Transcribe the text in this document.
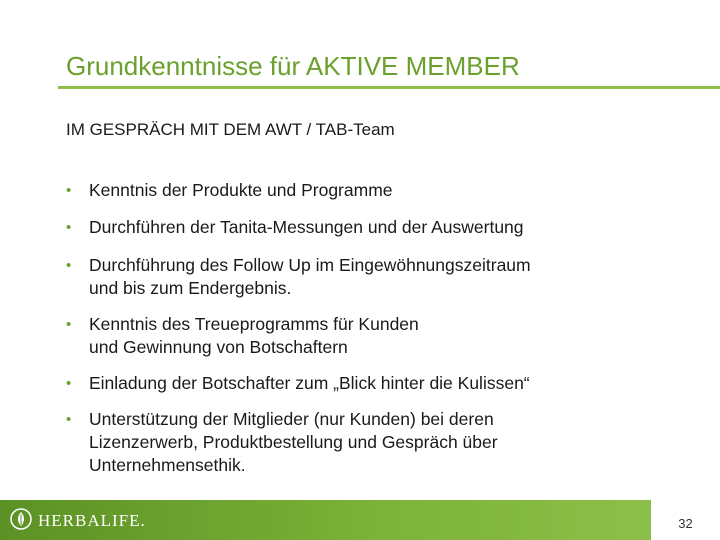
Grundkenntnisse für AKTIVE MEMBER
IM GESPRÄCH MIT DEM AWT / TAB-Team
• Kenntnis der Produkte und Programme
• Durchführen der Tanita-Messungen und der Auswertung
• Durchführung des Follow Up im Eingewöhnungszeitraum
und bis zum Endergebnis.
• Kenntnis des Treueprogramms für Kunden
und Gewinnung von Botschaftern
• Einladung der Botschafter zum „Blick hinter die Kulissen“
• Unterstützung der Mitglieder (nur Kunden) bei deren
Lizenzerwerb, Produktbestellung und Gespräch über
Unternehmensethik.
HERBALIFE.	32
